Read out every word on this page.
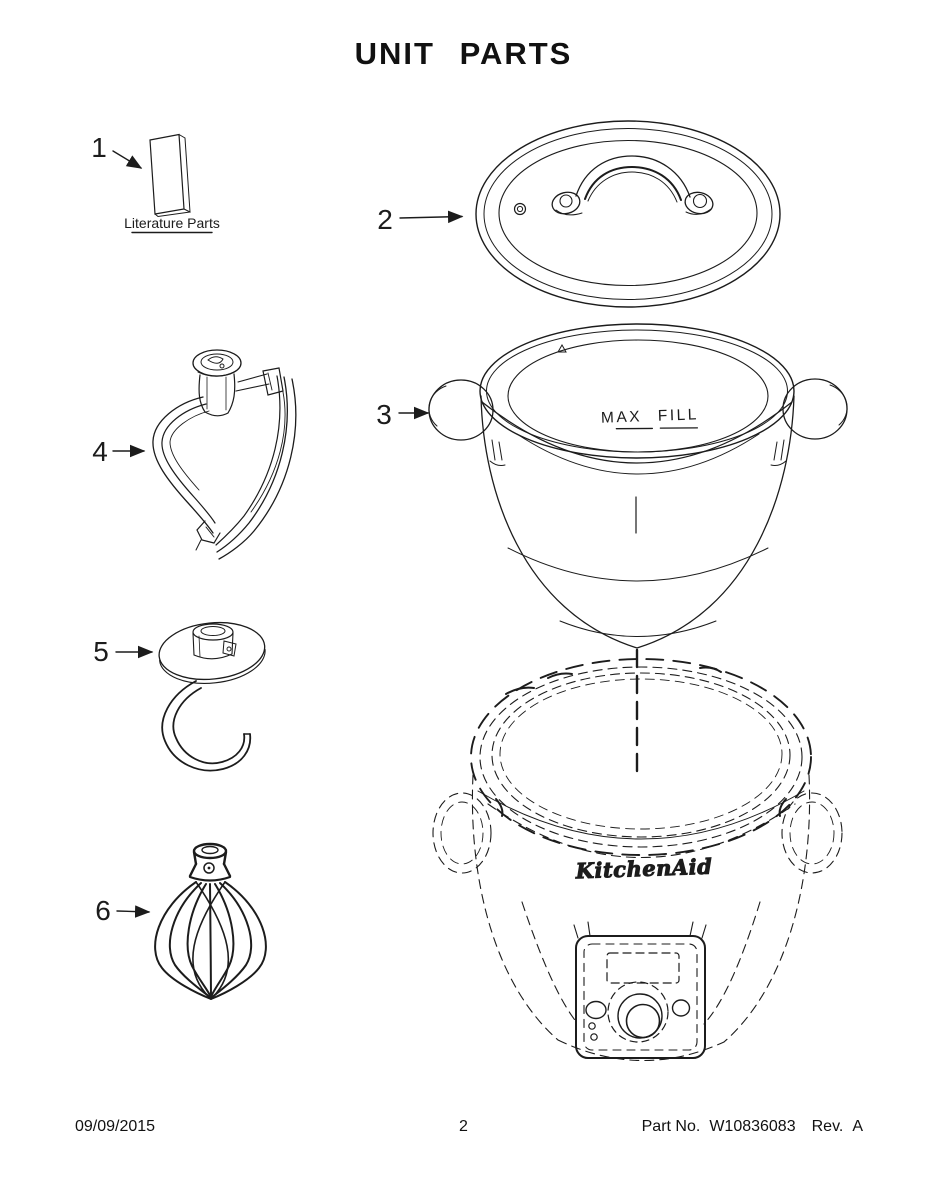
UNIT PARTS
1
Literature Parts	2
3	MAX FILL
4
5
6
KitchenAid
09/09/2015	2	Part No. W10836083 Rev. A
